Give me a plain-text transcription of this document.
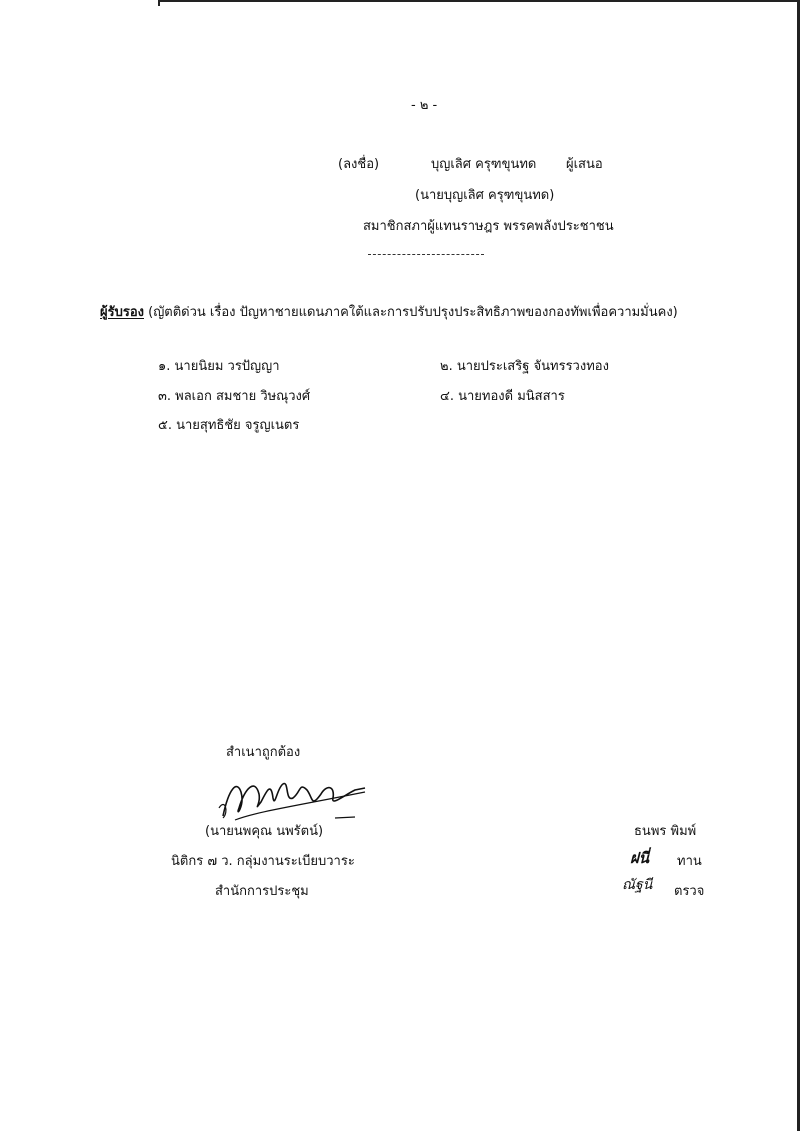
- ๒ -
(ลงชื่อ)	บุญเลิศ ครุฑขุนทด ผู้เสนอ
(นายบุญเลิศ ครุฑขุนทด)
สมาชิกสภาผู้แทนราษฎร พรรคพลังประชาชน
ผู้รับรอง (ญัตติด่วน เรื่อง ปัญหาชายแดนภาคใต้และการปรับปรุงประสิทธิภาพของกองทัพเพื่อความมั่นคง)
๑. นายนิยม วรปัญญา	๒. นายประเสริฐ จันทรรวงทอง
๓. พลเอก สมชาย วิษณุวงศ์	๔. นายทองดี มนิสสาร
๕. นายสุทธิชัย จรูญเนตร
สำเนาถูกต้อง
(นายนพคุณ นพรัตน์)
นิติกร ๗ ว. กลุ่มงานระเบียบวาระ
สำนักการประชุม
ธนพร พิมพ์
ฝนี่ ทาน
ณัฐนี ตรวจ
